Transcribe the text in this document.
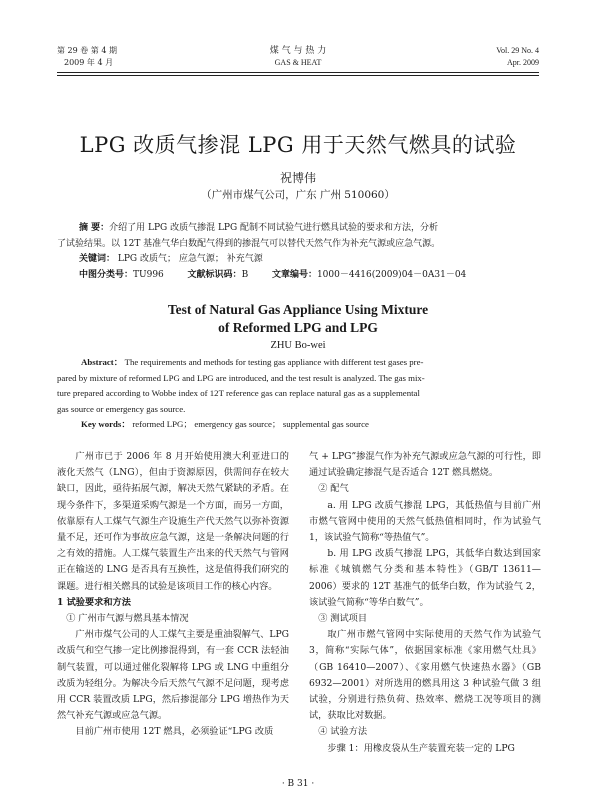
第 29 卷 第 4 期
2009 年 4 月
煤 气 与 热 力
GAS & HEAT
Vol. 29 No. 4
Apr. 2009
LPG 改质气掺混 LPG 用于天然气燃具的试验
祝博伟
（广州市煤气公司，广东 广州 510060）
摘 要：介绍了用 LPG 改质气掺混 LPG 配制不同试验气进行燃具试验的要求和方法，分析
了试验结果。以 12T 基准气华白数配气得到的掺混气可以替代天然气作为补充气源或应急气源。
关键词： LPG 改质气； 应急气源； 补充气源
中图分类号：TU996	文献标识码：B	文章编号：1000－4416(2009)04－0A31－04
Test of Natural Gas Appliance Using Mixture
of Reformed LPG and LPG
ZHU Bo-wei
Abstract： The requirements and methods for testing gas appliance with different test gases pre-
pared by mixture of reformed LPG and LPG are introduced, and the test result is analyzed. The gas mix-
ture prepared according to Wobbe index of 12T reference gas can replace natural gas as a supplemental
gas source or emergency gas source.
Key words： reformed LPG； emergency gas source； supplemental gas source

广州市已于 2006 年 8 月开始使用澳大利亚进口的液化天然气（LNG），但由于资源原因，供需间存在较大缺口，因此，亟待拓展气源，解决天然气紧缺的矛盾。在现今条件下，多渠道采购气源是一个方面，而另一方面，依靠原有人工煤气气源生产设施生产代天然气以弥补资源量不足，还可作为事故应急气源，这是一条解决问题的行之有效的措施。人工煤气装置生产出来的代天然气与管网正在输送的 LNG 是否具有互换性，这是值得我们研究的课题。进行相关燃具的试验是该项目工作的核心内容。

1 试验要求和方法

① 广州市气源与燃具基本情况

广州市煤气公司的人工煤气主要是重油裂解气、LPG 改质气和空气掺一定比例掺混得到，有一套 CCR 法轻油制气装置，可以通过催化裂解将 LPG 或 LNG 中重组分改质为轻组分。为解决今后天然气气源不足问题，现考虑用 CCR 装置改质 LPG，然后掺混部分 LPG 增热作为天然气补充气源或应急气源。

目前广州市使用 12T 燃具，必须验证“LPG 改质

气 + LPG”掺混气作为补充气源或应急气源的可行性，即通过试验确定掺混气是否适合 12T 燃具燃烧。

② 配气

a. 用 LPG 改质气掺混 LPG，其低热值与目前广州市燃气管网中使用的天然气低热值相同时，作为试验气 1，该试验气简称“等热值气”。

b. 用 LPG 改质气掺混 LPG，其低华白数达到国家标准《城镇燃气分类和基本特性》（GB/T 13611—2006）要求的 12T 基准气的低华白数，作为试验气 2，该试验气简称“等华白数气”。

③ 测试项目

取广州市燃气管网中实际使用的天然气作为试验气 3，简称“实际气体”，依据国家标准《家用燃气灶具》（GB 16410—2007）、《家用燃气快速热水器》（GB 6932—2001）对所选用的燃具用这 3 种试验气做 3 组试验，分别进行热负荷、热效率、燃烧工况等项目的测试，获取比对数据。

④ 试验方法

步骤 1：用橡皮袋从生产装置充装一定的 LPG

· B 31 ·
